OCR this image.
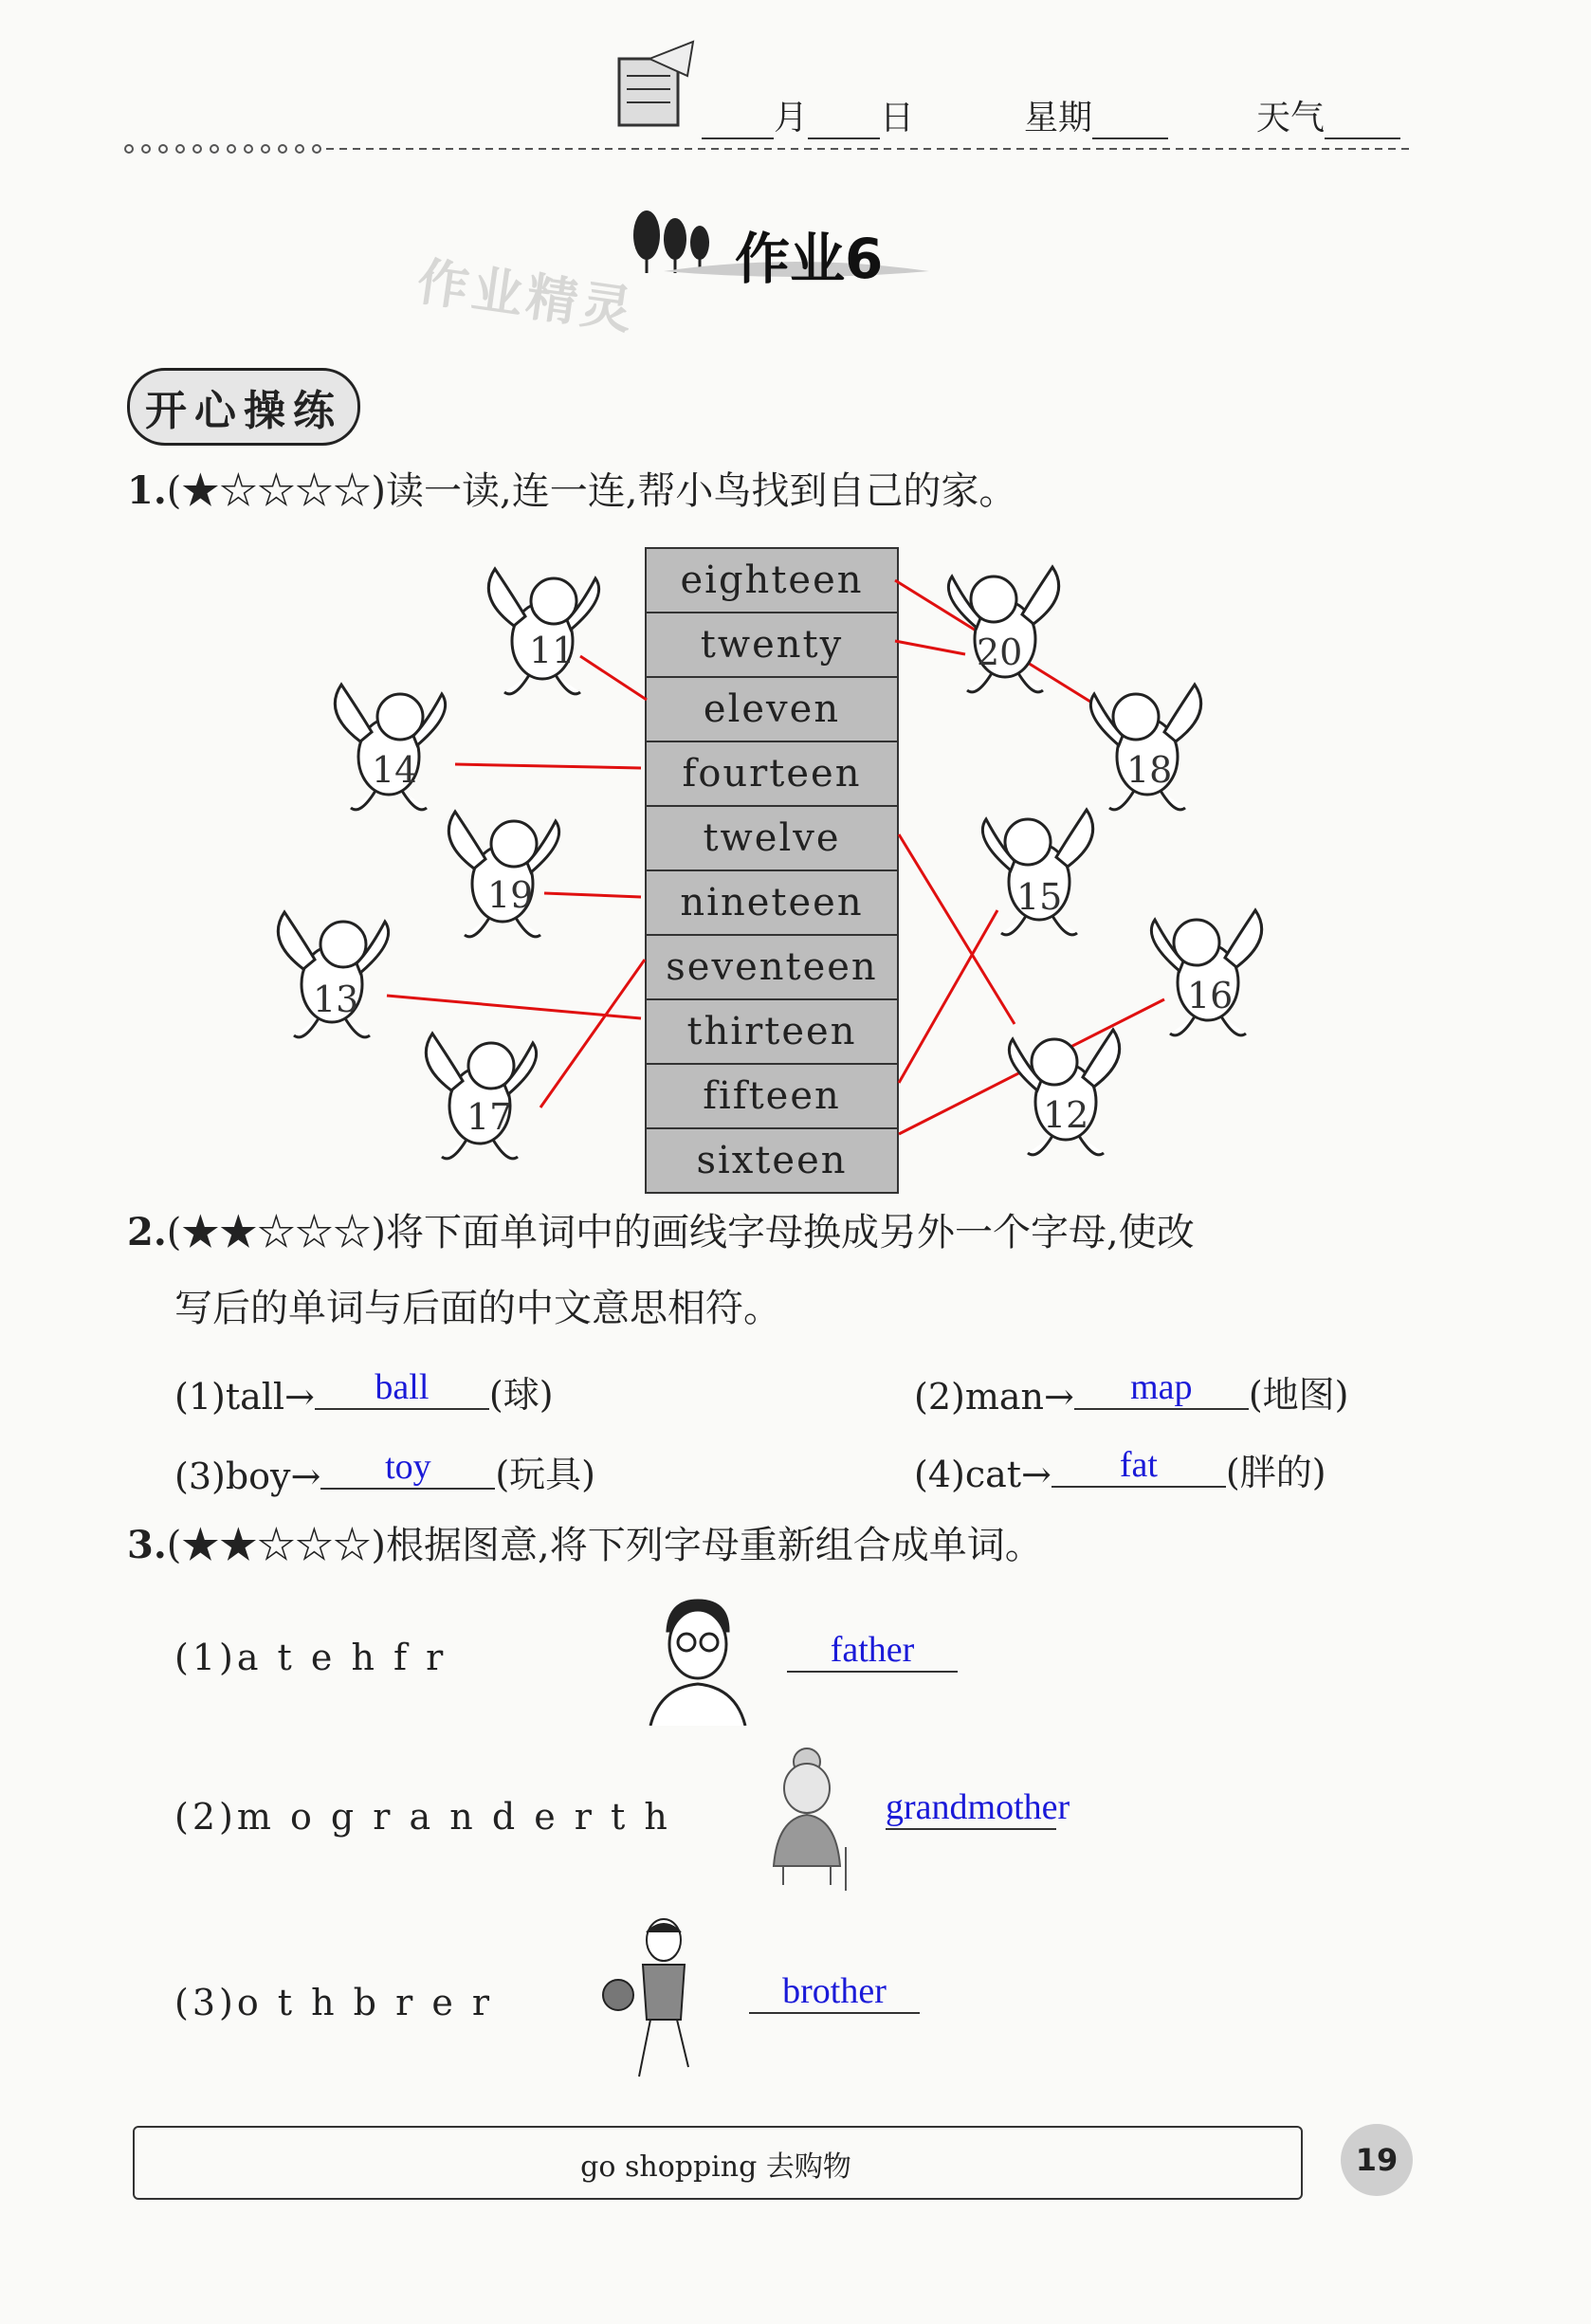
月 日	星期	天气
作业6
作业精灵
开心操练
1.(★☆☆☆☆)读一读,连一连,帮小鸟找到自己的家。
eighteen
twenty
eleven
fourteen
twelve
nineteen
seventeen
thirteen
fifteen
sixteen
11
14
19
13
17
20
18
15
16
12
2.(★★☆☆☆)将下面单词中的画线字母换成另外一个字母,使改
写后的单词与后面的中文意思相符。
(1)tall→	ball	(球)	(2)man→	map	(地图)
(3)boy→	toy	(玩具)	(4)cat→	fat	(胖的)
3.(★★☆☆☆)根据图意,将下列字母重新组合成单词。
(1)a t e h f r	father
(2)m o g r a n d e r t h	grandmother
(3)o t h b r e r	brother
go shopping 去购物	19
